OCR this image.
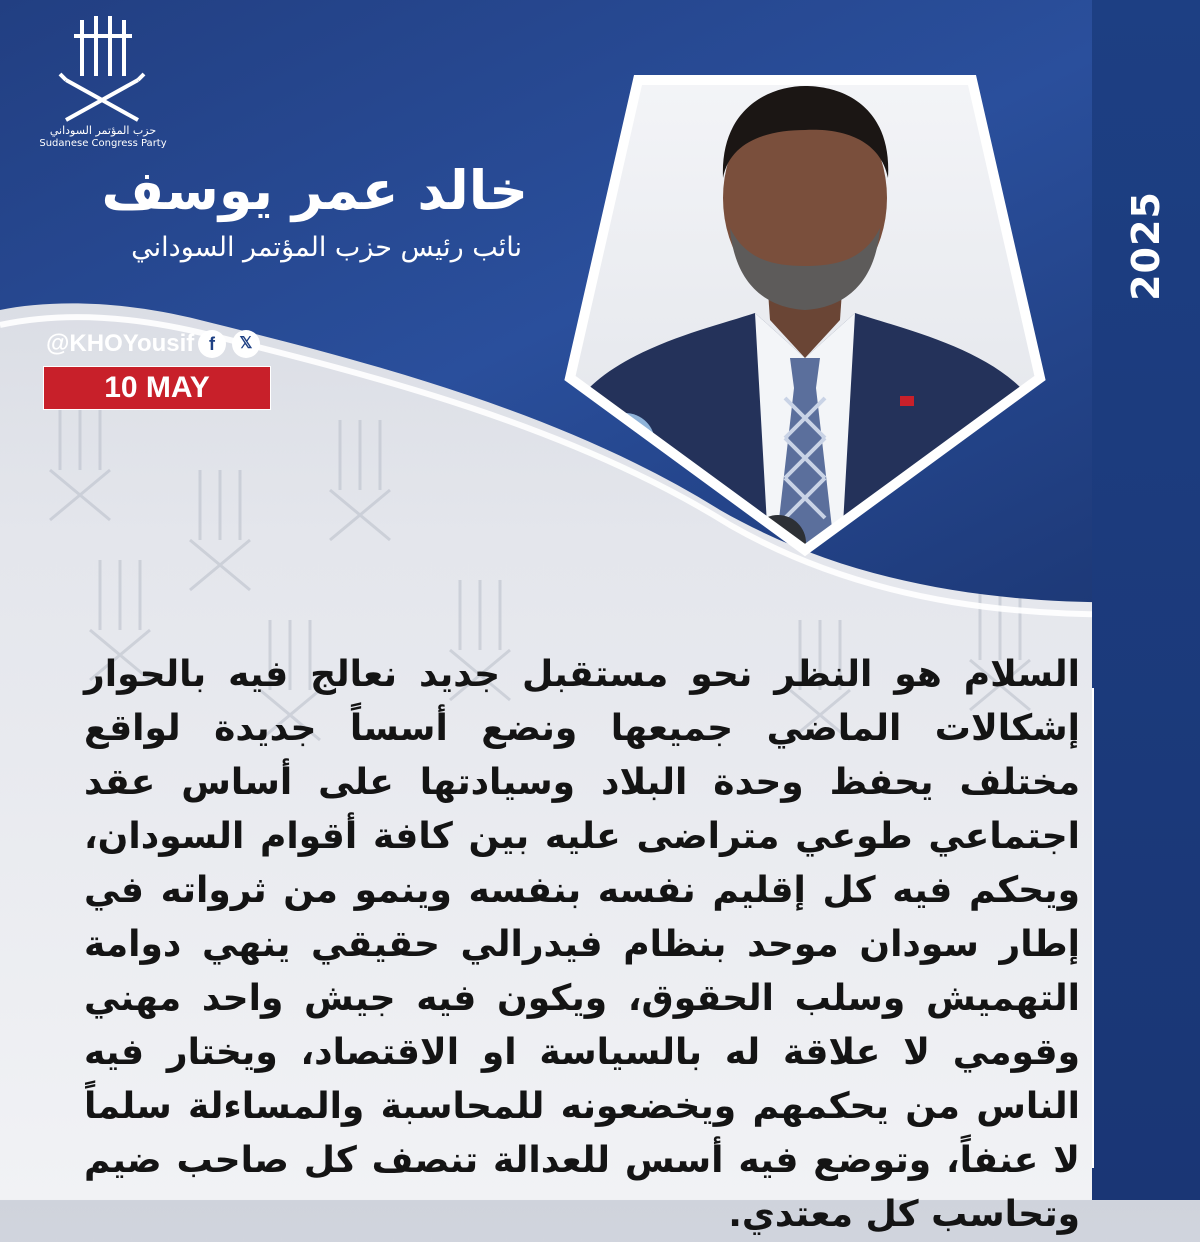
2025
حزب المؤتمر السوداني
Sudanese Congress Party
خالد عمر يوسف
نائب رئيس حزب المؤتمر السوداني
@KHOYousif f	𝕏
10 MAY

السلام هو النظر نحو مستقبل جديد نعالج فيه بالحوار إشكالات الماضي جميعها ونضع أسساً جديدة لواقع مختلف يحفظ وحدة البلاد وسيادتها على أساس عقد اجتماعي طوعي متراضى عليه بين كافة أقوام السودان، ويحكم فيه كل إقليم نفسه بنفسه وينمو من ثرواته في إطار سودان موحد بنظام فيدرالي حقيقي ينهي دوامة التهميش وسلب الحقوق، ويكون فيه جيش واحد مهني وقومي لا علاقة له بالسياسة او الاقتصاد، ويختار فيه الناس من يحكمهم ويخضعونه للمحاسبة والمساءلة سلماً لا عنفاً، وتوضع فيه أسس للعدالة تنصف كل صاحب ضيم وتحاسب كل معتدي.
